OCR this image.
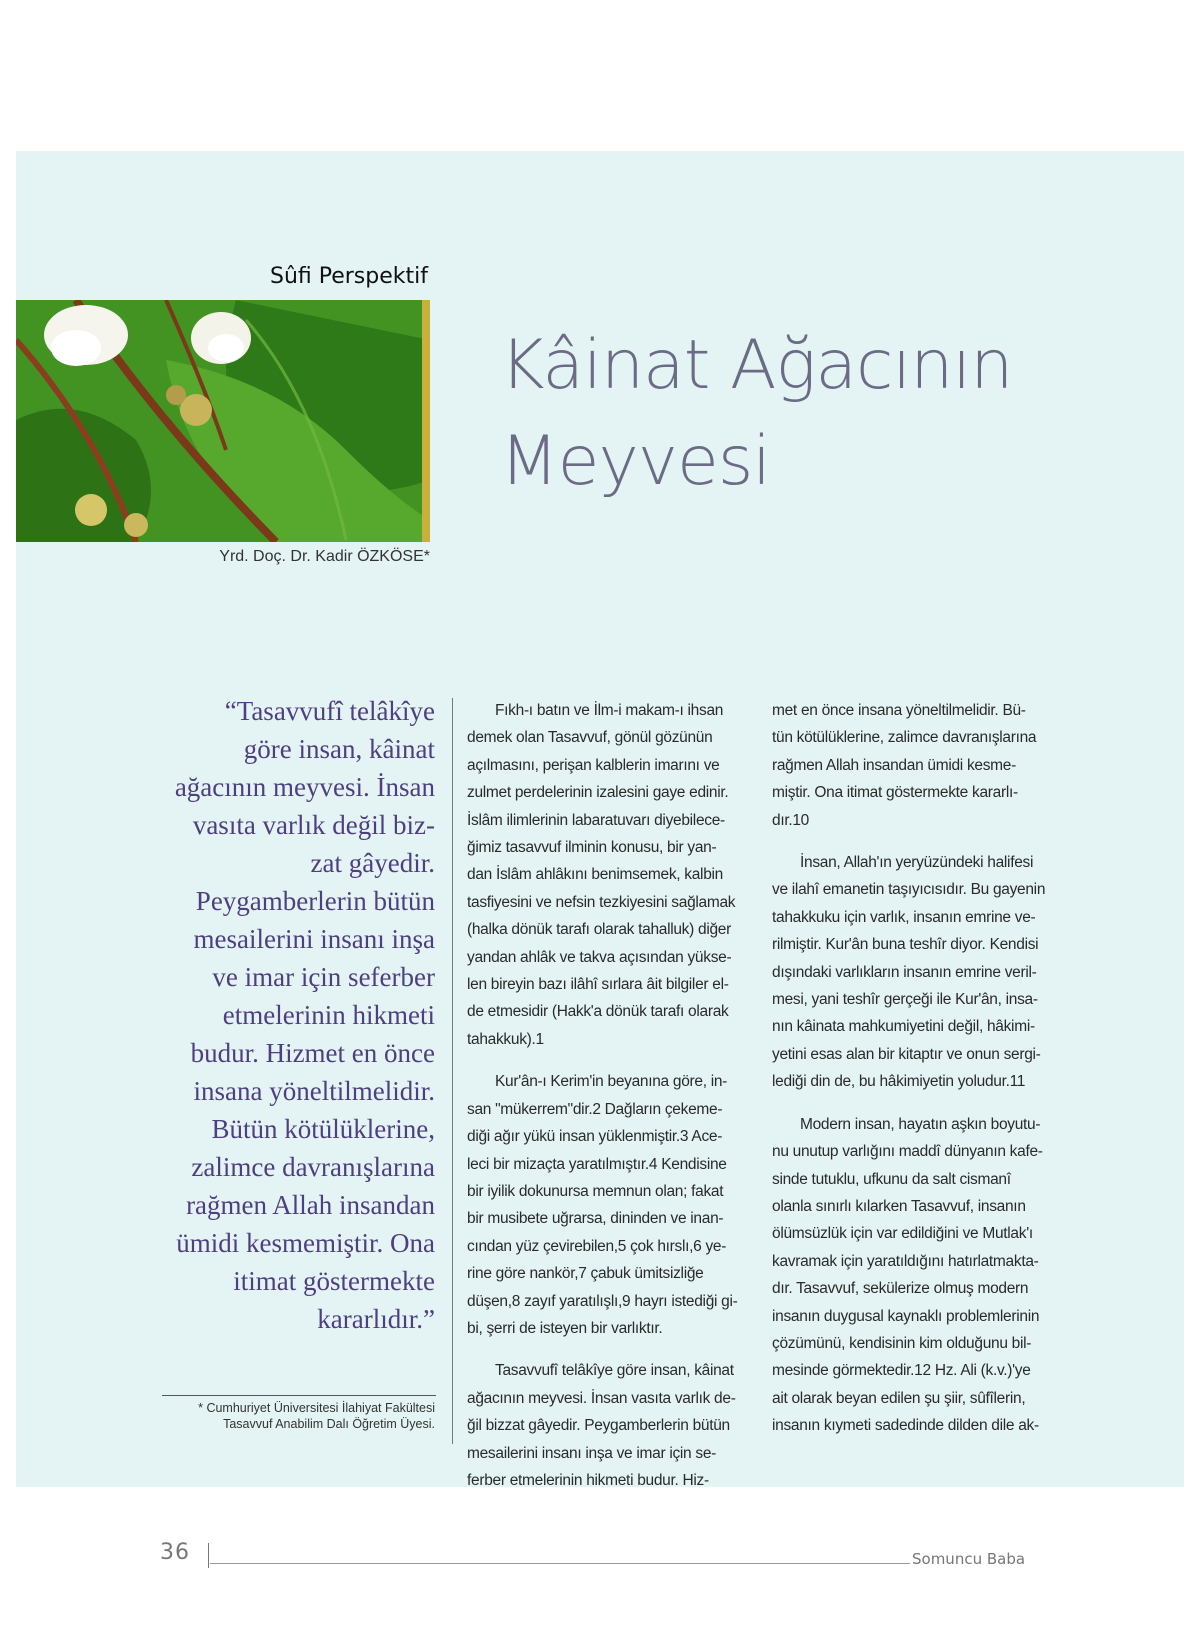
Sûfi Perspektif
Kâinat Ağacının
Meyvesi
Yrd. Doç. Dr. Kadir ÖZKÖSE*
“Tasavvufî telâkîye
göre insan, kâinat
ağacının meyvesi. İnsan
vasıta varlık değil biz-
zat gâyedir.
Peygamberlerin bütün
mesailerini insanı inşa
ve imar için seferber
etmelerinin hikmeti
budur. Hizmet en önce
insana yöneltilmelidir.
Bütün kötülüklerine,
zalimce davranışlarına
rağmen Allah insandan
ümidi kesmemiştir. Ona
itimat göstermekte
kararlıdır.”
* Cumhuriyet Üniversitesi İlahiyat Fakültesi
Tasavvuf Anabilim Dalı Öğretim Üyesi.

Fıkh-ı batın ve İlm-i makam-ı ihsan
demek olan Tasavvuf, gönül gözünün
açılmasını, perişan kalblerin imarını ve
zulmet perdelerinin izalesini gaye edinir.
İslâm ilimlerinin labaratuvarı diyebilece-
ğimiz tasavvuf ilminin konusu, bir yan-
dan İslâm ahlâkını benimsemek, kalbin
tasfiyesini ve nefsin tezkiyesini sağlamak
(halka dönük tarafı olarak tahalluk) diğer
yandan ahlâk ve takva açısından yükse-
len bireyin bazı ilâhî sırlara âit bilgiler el-
de etmesidir (Hakk'a dönük tarafı olarak
tahakkuk).1

Kur'ân-ı Kerim'in beyanına göre, in-
san "mükerrem"dir.2 Dağların çekeme-
diği ağır yükü insan yüklenmiştir.3 Ace-
leci bir mizaçta yaratılmıştır.4 Kendisine
bir iyilik dokunursa memnun olan; fakat
bir musibete uğrarsa, dininden ve inan-
cından yüz çevirebilen,5 çok hırslı,6 ye-
rine göre nankör,7 çabuk ümitsizliğe
düşen,8 zayıf yaratılışlı,9 hayrı istediği gi-
bi, şerri de isteyen bir varlıktır.

Tasavvufî telâkîye göre insan, kâinat
ağacının meyvesi. İnsan vasıta varlık de-
ğil bizzat gâyedir. Peygamberlerin bütün
mesailerini insanı inşa ve imar için se-
ferber etmelerinin hikmeti budur. Hiz-

met en önce insana yöneltilmelidir. Bü-
tün kötülüklerine, zalimce davranışlarına
rağmen Allah insandan ümidi kesme-
miştir. Ona itimat göstermekte kararlı-
dır.10

İnsan, Allah'ın yeryüzündeki halifesi
ve ilahî emanetin taşıyıcısıdır. Bu gayenin
tahakkuku için varlık, insanın emrine ve-
rilmiştir. Kur'ân buna teshîr diyor. Kendisi
dışındaki varlıkların insanın emrine veril-
mesi, yani teshîr gerçeği ile Kur'ân, insa-
nın kâinata mahkumiyetini değil, hâkimi-
yetini esas alan bir kitaptır ve onun sergi-
lediği din de, bu hâkimiyetin yoludur.11

Modern insan, hayatın aşkın boyutu-
nu unutup varlığını maddî dünyanın kafe-
sinde tutuklu, ufkunu da salt cismanî
olanla sınırlı kılarken Tasavvuf, insanın
ölümsüzlük için var edildiğini ve Mutlak'ı
kavramak için yaratıldığını hatırlatmakta-
dır. Tasavvuf, sekülerize olmuş modern
insanın duygusal kaynaklı problemlerinin
çözümünü, kendisinin kim olduğunu bil-
mesinde görmektedir.12 Hz. Ali (k.v.)'ye
ait olarak beyan edilen şu şiir, sûfîlerin,
insanın kıymeti sadedinde dilden dile ak-

36	Somuncu Baba
